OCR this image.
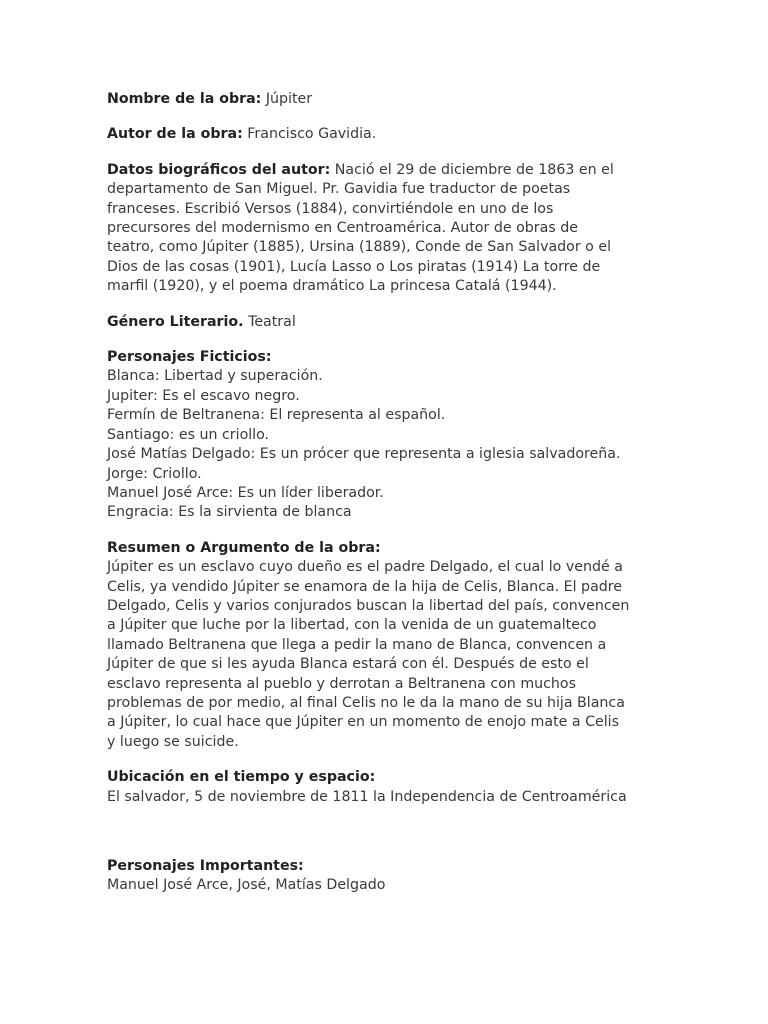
Nombre de la obra: Júpiter

Autor de la obra: Francisco Gavidia.

Datos biográficos del autor: Nació el 29 de diciembre de 1863 en el
departamento de San Miguel. Pr. Gavidia fue traductor de poetas
franceses. Escribió Versos (1884), convirtiéndole en uno de los
precursores del modernismo en Centroamérica. Autor de obras de
teatro, como Júpiter (1885), Ursina (1889), Conde de San Salvador o el
Dios de las cosas (1901), Lucía Lasso o Los piratas (1914) La torre de
marfil (1920), y el poema dramático La princesa Catalá (1944).

Género Literario. Teatral

Personajes Ficticios:
Blanca: Libertad y superación.
Jupiter: Es el escavo negro.
Fermín de Beltranena: El representa al español.
Santiago: es un criollo.
José Matías Delgado: Es un prócer que representa a iglesia salvadoreña.
Jorge: Criollo.
Manuel José Arce: Es un líder liberador.
Engracia: Es la sirvienta de blanca
Resumen o Argumento de la obra:
Júpiter es un esclavo cuyo dueño es el padre Delgado, el cual lo vendé a
Celis, ya vendido Júpiter se enamora de la hija de Celis, Blanca. El padre
Delgado, Celis y varios conjurados buscan la libertad del país, convencen
a Júpiter que luche por la libertad, con la venida de un guatemalteco
llamado Beltranena que llega a pedir la mano de Blanca, convencen a
Júpiter de que si les ayuda Blanca estará con él. Después de esto el
esclavo representa al pueblo y derrotan a Beltranena con muchos
problemas de por medio, al final Celis no le da la mano de su hija Blanca
a Júpiter, lo cual hace que Júpiter en un momento de enojo mate a Celis
y luego se suicide.
Ubicación en el tiempo y espacio:
El salvador, 5 de noviembre de 1811 la Independencia de Centroamérica
Personajes Importantes:
Manuel José Arce, José, Matías Delgado
